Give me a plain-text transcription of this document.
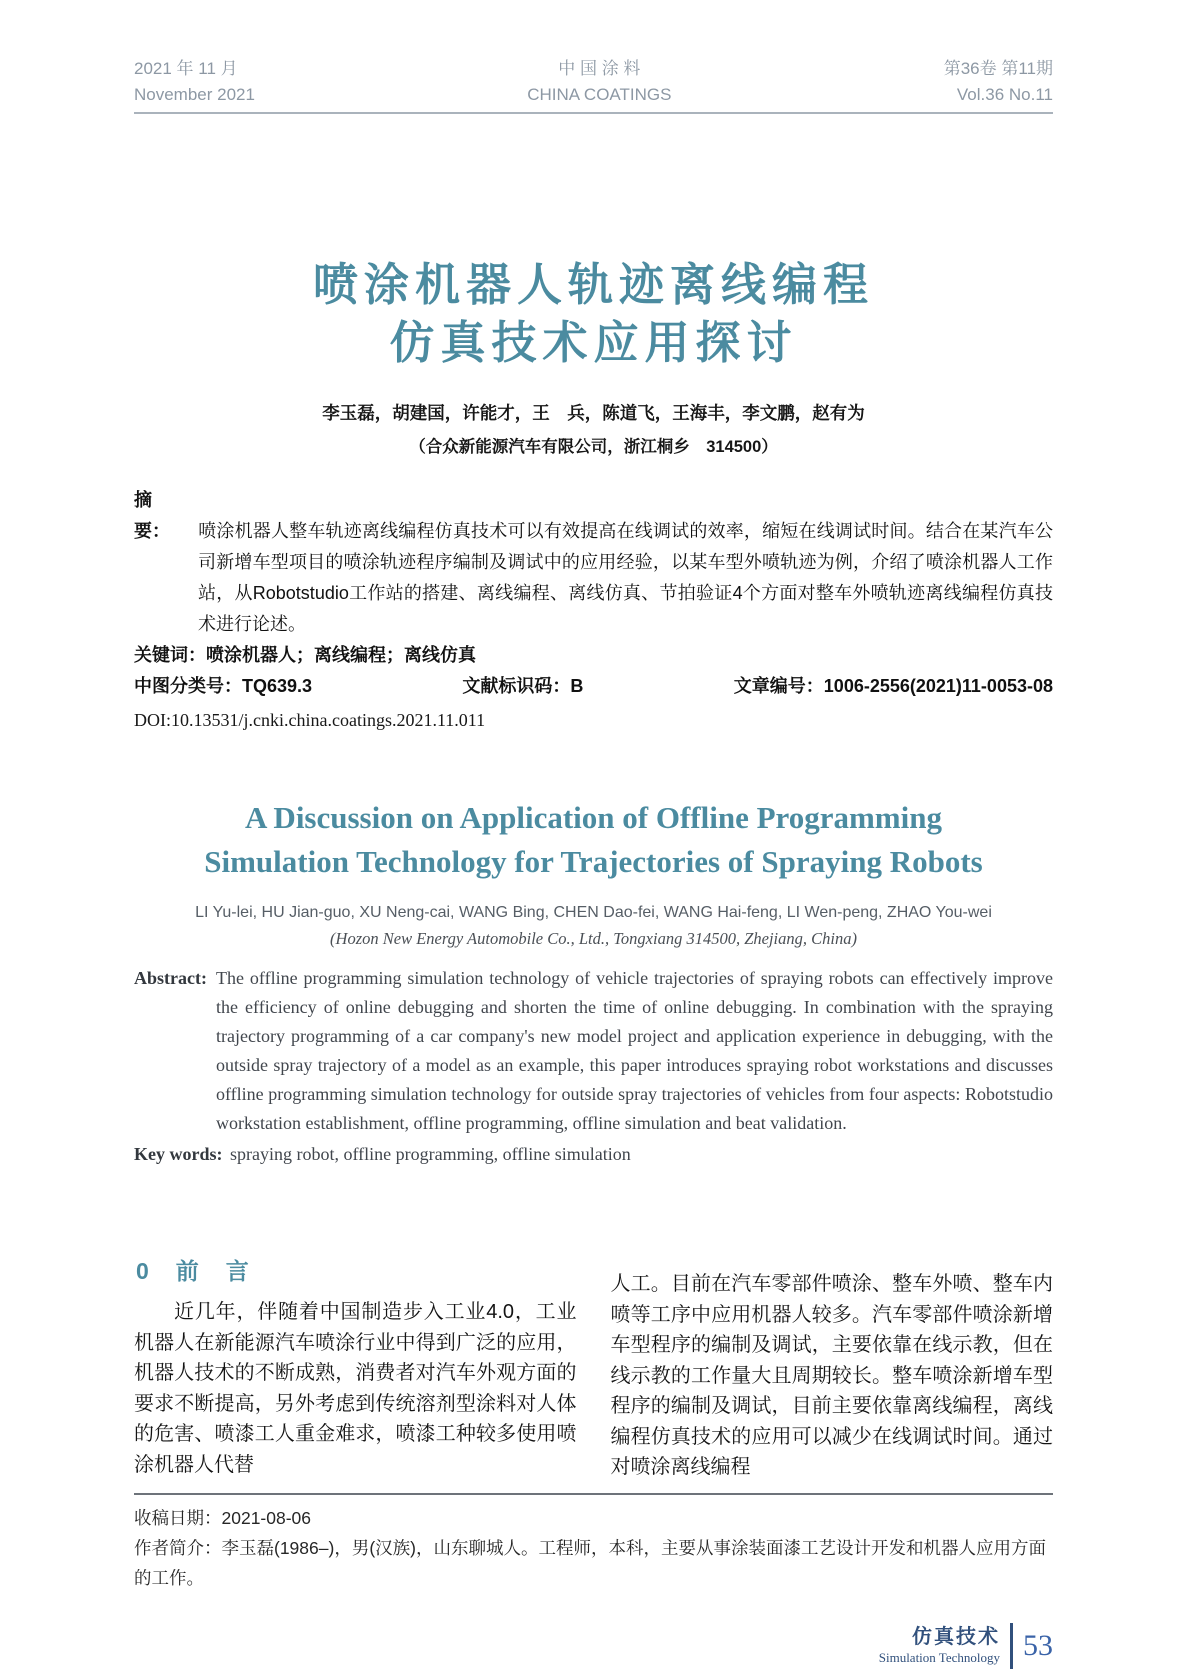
2021 年 11 月
November 2021
中 国 涂 料
CHINA COATINGS
第36卷 第11期
Vol.36 No.11
喷涂机器人轨迹离线编程
仿真技术应用探讨
李玉磊，胡建国，许能才，王　兵，陈道飞，王海丰，李文鹏，赵有为
（合众新能源汽车有限公司，浙江桐乡　314500）
摘　要： 喷涂机器人整车轨迹离线编程仿真技术可以有效提高在线调试的效率，缩短在线调试时间。结合在某汽车公司新增车型项目的喷涂轨迹程序编制及调试中的应用经验，以某车型外喷轨迹为例，介绍了喷涂机器人工作站，从Robotstudio工作站的搭建、离线编程、离线仿真、节拍验证4个方面对整车外喷轨迹离线编程仿真技术进行论述。
关键词：喷涂机器人；离线编程；离线仿真
中图分类号：TQ639.3	文献标识码：B	文章编号：1006-2556(2021)11-0053-08
DOI:10.13531/j.cnki.china.coatings.2021.11.011
A Discussion on Application of Offline Programming
Simulation Technology for Trajectories of Spraying Robots
LI Yu-lei, HU Jian-guo, XU Neng-cai, WANG Bing, CHEN Dao-fei, WANG Hai-feng, LI Wen-peng, ZHAO You-wei
(Hozon New Energy Automobile Co., Ltd., Tongxiang 314500, Zhejiang, China)
Abstract: The offline programming simulation technology of vehicle trajectories of spraying robots can effectively improve the efficiency of online debugging and shorten the time of online debugging. In combination with the spraying trajectory programming of a car company's new model project and application experience in debugging, with the outside spray trajectory of a model as an example, this paper introduces spraying robot workstations and discusses offline programming simulation technology for outside spray trajectories of vehicles from four aspects: Robotstudio workstation establishment, offline programming, offline simulation and beat validation.
Key words: spraying robot, offline programming, offline simulation
0　前　言

近几年，伴随着中国制造步入工业4.0，工业机器人在新能源汽车喷涂行业中得到广泛的应用，机器人技术的不断成熟，消费者对汽车外观方面的要求不断提高，另外考虑到传统溶剂型涂料对人体的危害、喷漆工人重金难求，喷漆工种较多使用喷涂机器人代替

人工。目前在汽车零部件喷涂、整车外喷、整车内喷等工序中应用机器人较多。汽车零部件喷涂新增车型程序的编制及调试，主要依靠在线示教，但在线示教的工作量大且周期较长。整车喷涂新增车型程序的编制及调试，目前主要依靠离线编程，离线编程仿真技术的应用可以减少在线调试时间。通过对喷涂离线编程

收稿日期：2021-08-06
作者简介：李玉磊(1986–)，男(汉族)，山东聊城人。工程师，本科，主要从事涂装面漆工艺设计开发和机器人应用方面的工作。
仿真技术
Simulation Technology 53
